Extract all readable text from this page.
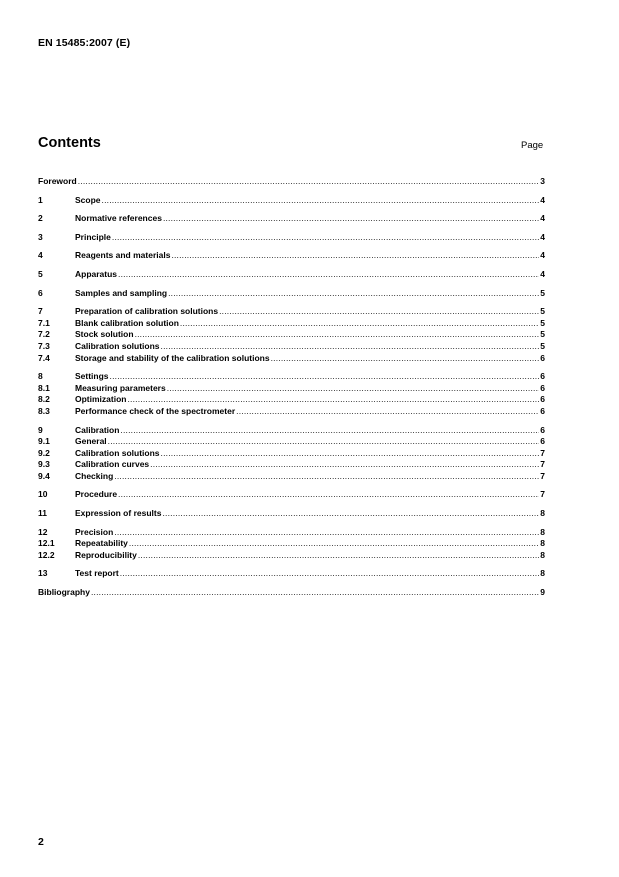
EN 15485:2007 (E)
Contents	Page
Foreword .....	3
1	Scope .....	4
2	Normative references .....	4
3	Principle .....	4
4	Reagents and materials .....	4
5	Apparatus .....	4
6	Samples and sampling .....	5
7	Preparation of calibration solutions .....	5
7.1	Blank calibration solution .....	5
7.2	Stock solution .....	5
7.3	Calibration solutions .....	5
7.4	Storage and stability of the calibration solutions .....	6
8	Settings .....	6
8.1	Measuring parameters .....	6
8.2	Optimization .....	6
8.3	Performance check of the spectrometer .....	6
9	Calibration .....	6
9.1	General .....	6
9.2	Calibration solutions .....	7
9.3	Calibration curves .....	7
9.4	Checking .....	7
10	Procedure .....	7
11	Expression of results .....	8
12	Precision .....	8
12.1	Repeatability .....	8
12.2	Reproducibility .....	8
13	Test report .....	8
Bibliography .....	9
2
